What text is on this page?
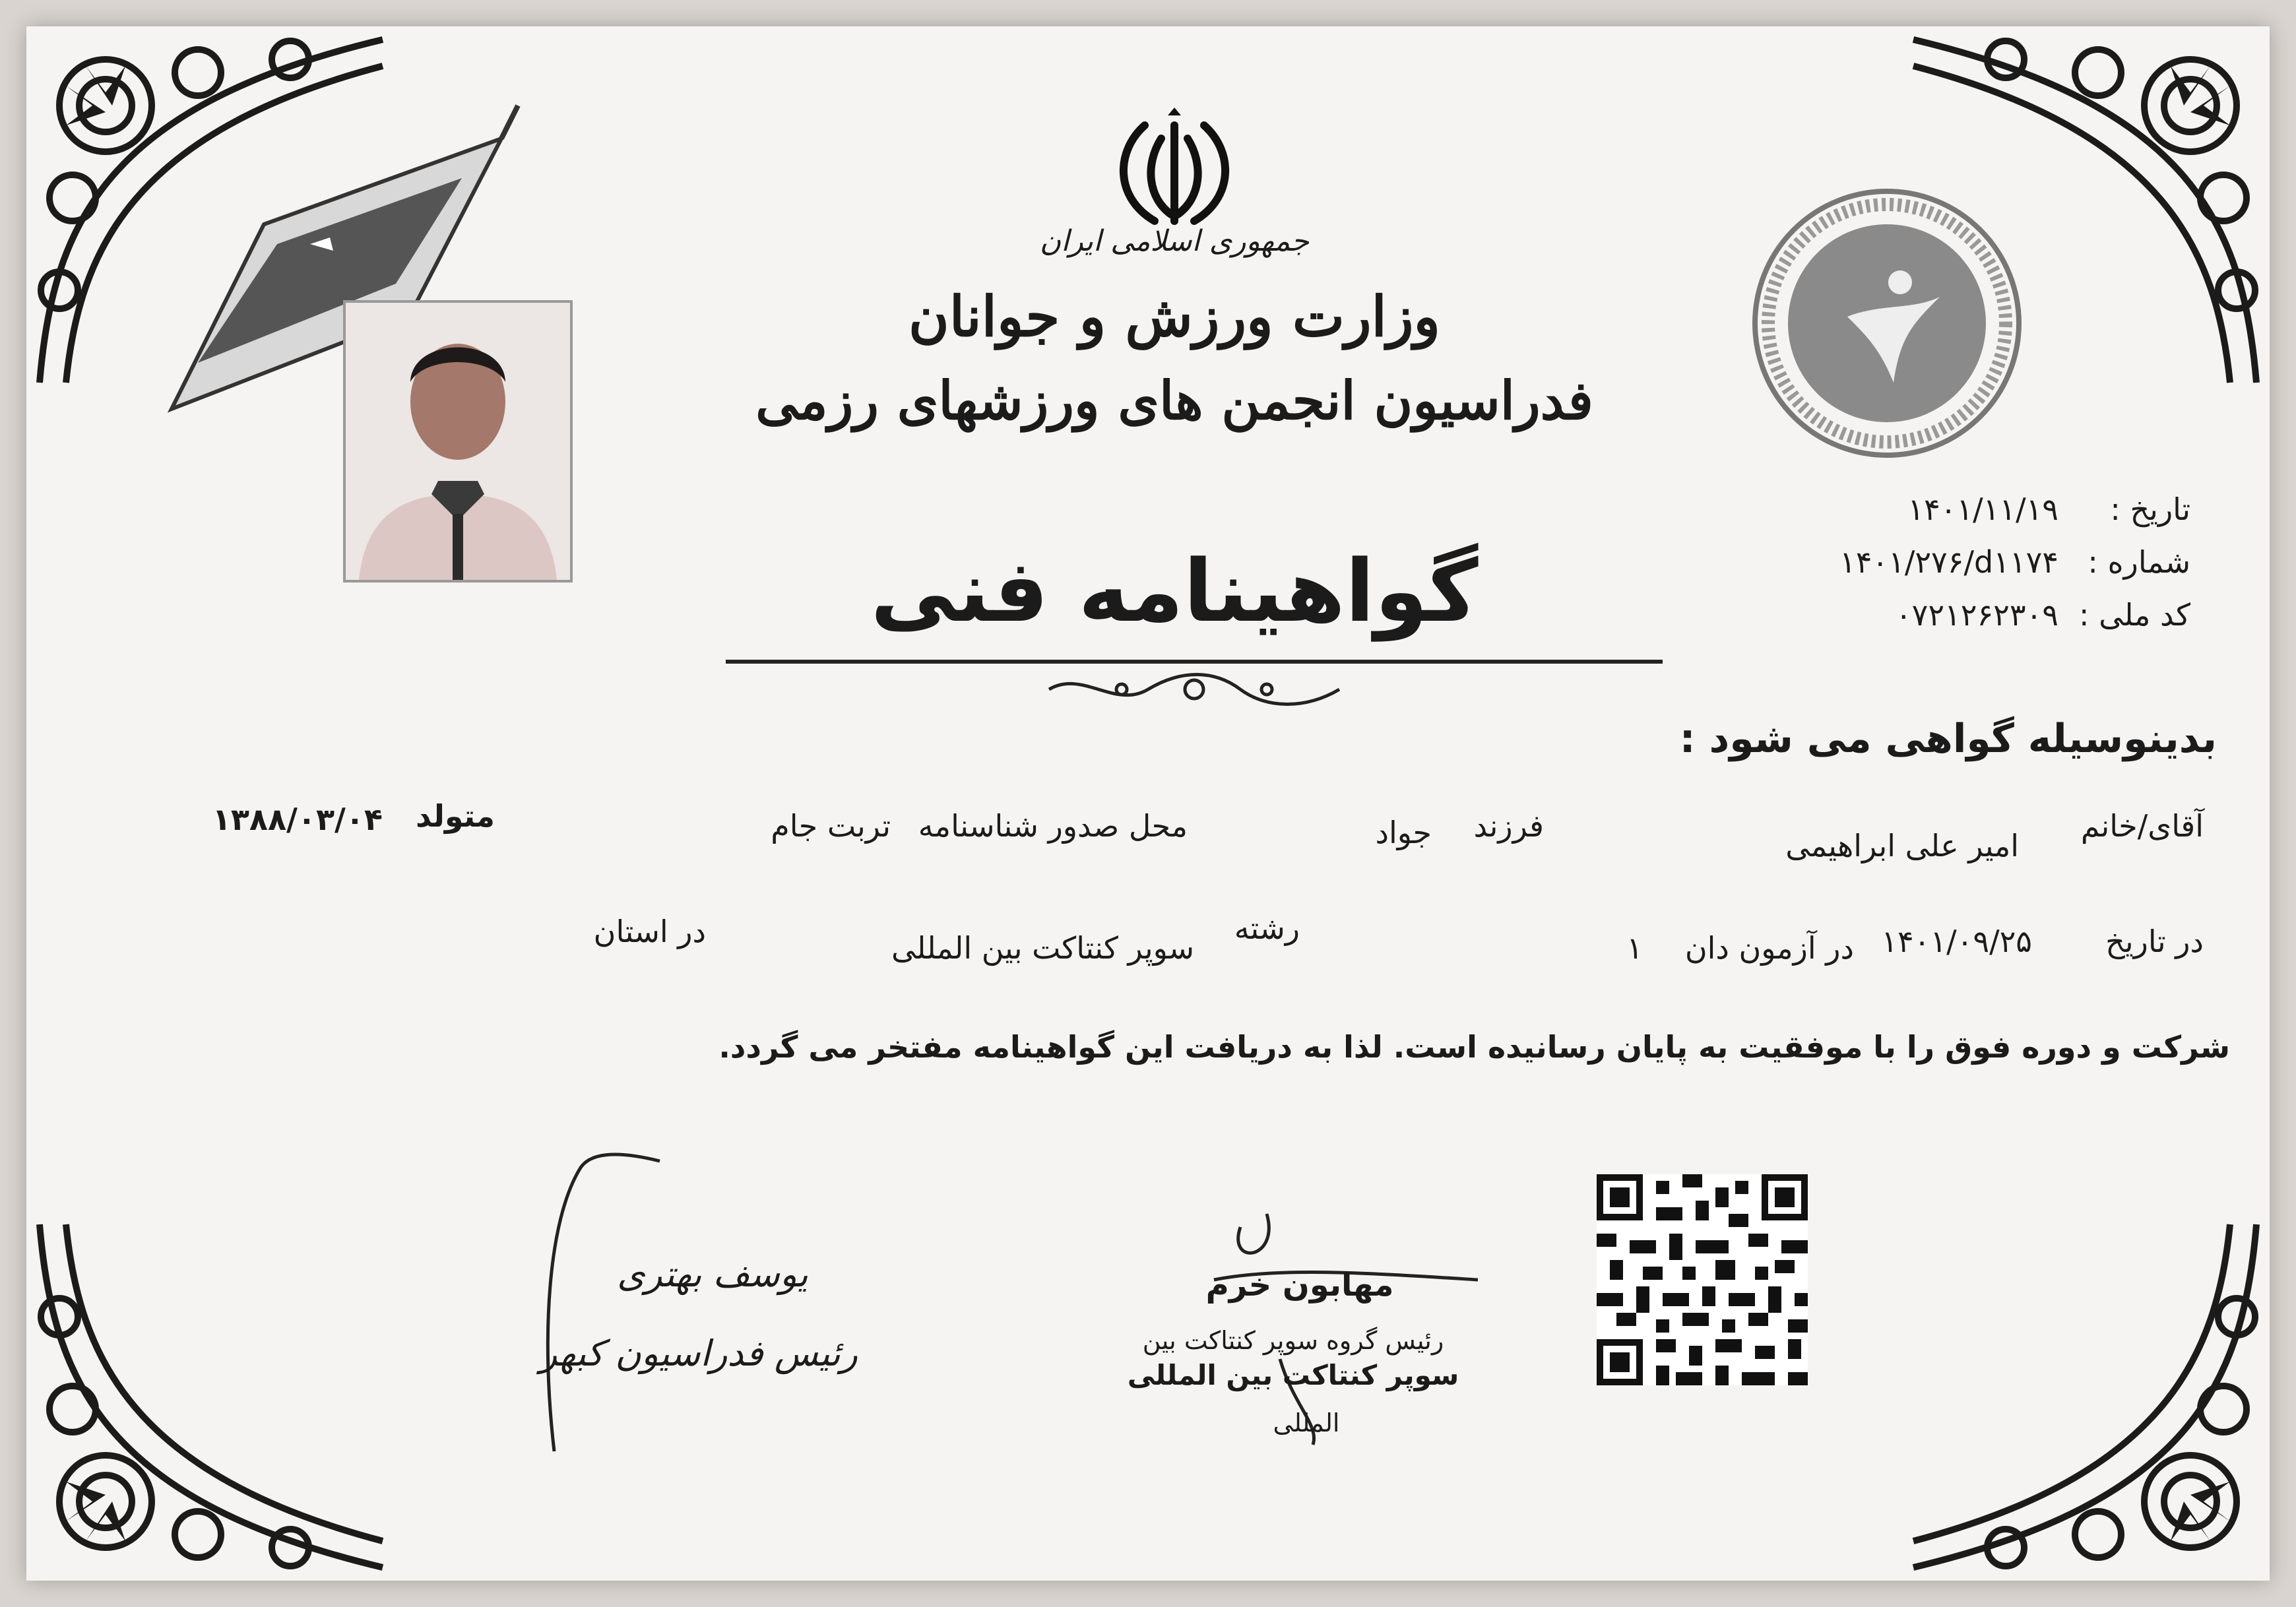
جمهوری اسلامی ایران
وزارت ورزش و جوانان
فدراسیون انجمن های ورزشهای رزمی
گواهینامه فنی
تاریخ :
۱۴۰۱/۱۱/۱۹
شماره :
۱۴۰۱/۲۷۶/d۱۱۷۴
کد ملی :
۰۷۲۱۲۶۲۳۰۹
بدینوسیله گواهی می شود :
آقای/خانم
امیر علی ابراهیمی
فرزند
جواد
محل صدور شناسنامه
تربت جام
متولد
۱۳۸۸/۰۳/۰۴
در تاریخ
۱۴۰۱/۰۹/۲۵
در آزمون دان
۱
رشته
سوپر کنتاکت بین المللی
در استان
شرکت و دوره فوق را با موفقیت به پایان رسانیده است. لذا به دریافت این گواهینامه مفتخر می گردد.
یوسف بهتری
رئیس فدراسیون کبهر
مهابون خرم
رئیس گروه سوپر کنتاکت بین
سوپر کنتاکت بین المللی
المللی
